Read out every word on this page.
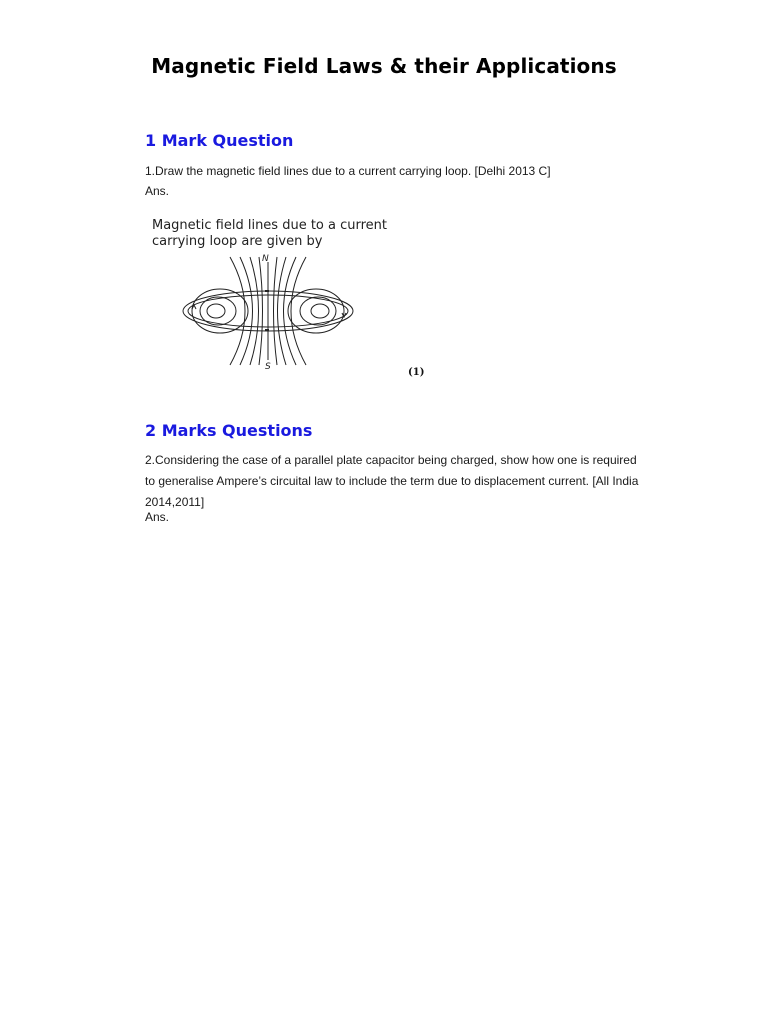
Magnetic Field Laws & their Applications
1 Mark Question
1.Draw the magnetic field lines due to a current carrying loop. [Delhi 2013 C]
Ans.
Magnetic field lines due to a current carrying loop are given by
N
S	(1)
2 Marks Questions
2.Considering the case of a parallel plate capacitor being charged, show how one is required to generalise Ampere’s circuital law to include the term due to displacement current. [All India 2014,2011]
Ans.
